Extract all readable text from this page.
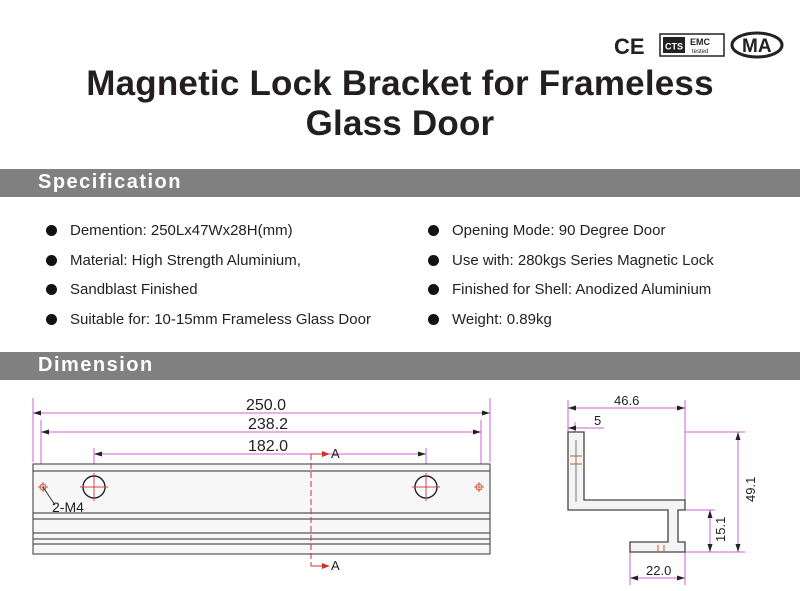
CE CTS EMC
tested MA
Magnetic Lock Bracket for Frameless
Glass Door
Specification
Demention: 250Lx47Wx28H(mm)
Material: High Strength Aluminium,
Sandblast Finished
Suitable for: 10-15mm Frameless Glass Door
Opening Mode: 90 Degree Door
Use with: 280kgs Series Magnetic Lock
Finished for Shell: Anodized Aluminium
Weight: 0.89kg
Dimension
250.0
238.2
182.0
2-M4
A
A
46.6
5
49.1
15.1
22.0
